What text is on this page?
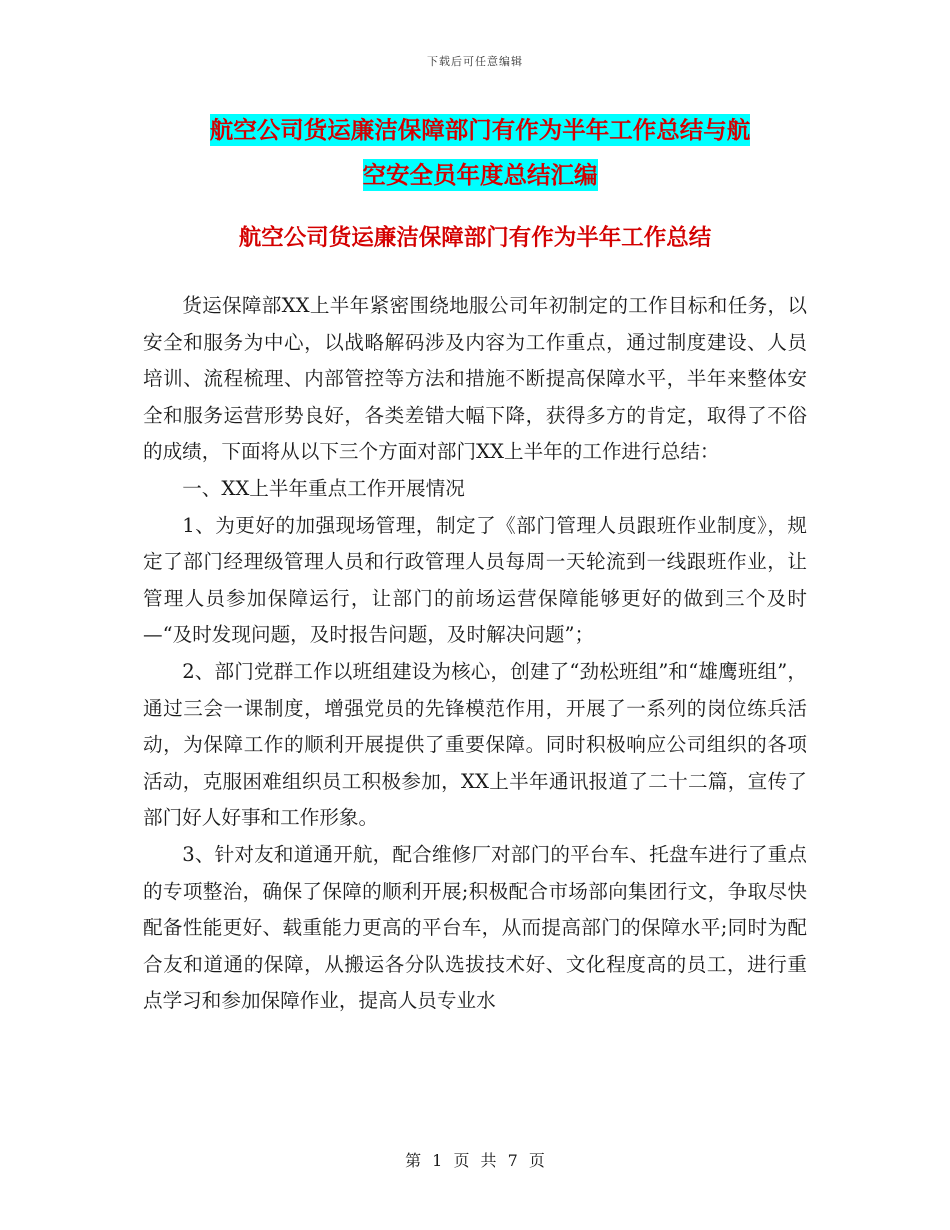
下载后可任意编辑
航空公司货运廉洁保障部门有作为半年工作总结与航
空安全员年度总结汇编
航空公司货运廉洁保障部门有作为半年工作总结

货运保障部XX上半年紧密围绕地服公司年初制定的工作目标和任务，以安全和服务为中心，以战略解码涉及内容为工作重点，通过制度建设、人员培训、流程梳理、内部管控等方法和措施不断提高保障水平，半年来整体安全和服务运营形势良好，各类差错大幅下降，获得多方的肯定，取得了不俗的成绩，下面将从以下三个方面对部门XX上半年的工作进行总结：

一、XX上半年重点工作开展情况

1、为更好的加强现场管理，制定了《部门管理人员跟班作业制度》，规定了部门经理级管理人员和行政管理人员每周一天轮流到一线跟班作业，让管理人员参加保障运行，让部门的前场运营保障能够更好的做到三个及时—“及时发现问题，及时报告问题，及时解决问题”；

2、部门党群工作以班组建设为核心，创建了“劲松班组”和“雄鹰班组”，通过三会一课制度，增强党员的先锋模范作用，开展了一系列的岗位练兵活动，为保障工作的顺利开展提供了重要保障。同时积极响应公司组织的各项活动，克服困难组织员工积极参加，XX上半年通讯报道了二十二篇，宣传了部门好人好事和工作形象。

3、针对友和道通开航，配合维修厂对部门的平台车、托盘车进行了重点的专项整治，确保了保障的顺利开展;积极配合市场部向集团行文，争取尽快配备性能更好、载重能力更高的平台车，从而提高部门的保障水平;同时为配合友和道通的保障，从搬运各分队选拔技术好、文化程度高的员工，进行重点学习和参加保障作业，提高人员专业水

第 1 页 共 7 页
